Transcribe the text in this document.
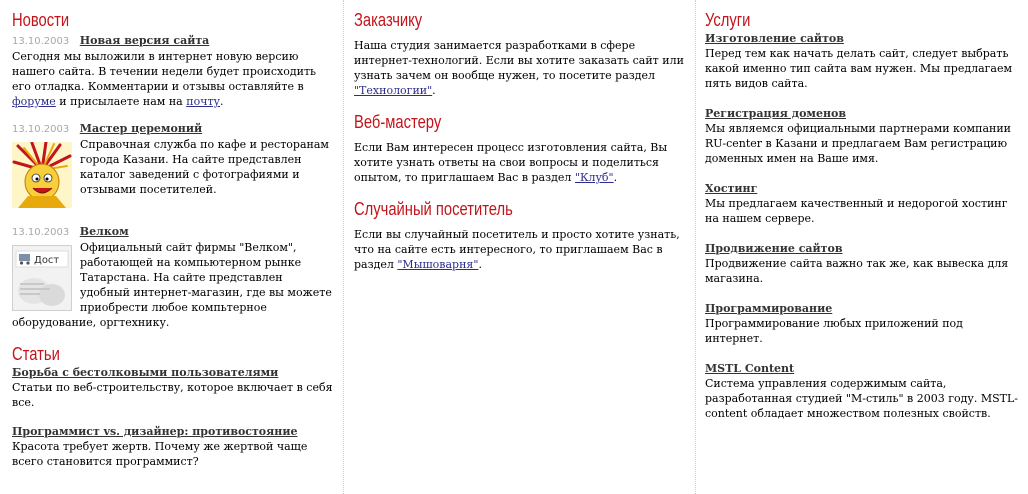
Новости
13.10.2003 Новая версия сайта

Сегодня мы выложили в интернет новую версию нашего сайта. В течении недели будет происходить его отладка. Комментарии и отзывы оставляйте в форуме и присылаете нам на почту.

13.10.2003 Мастер церемоний

Справочная служба по кафе и ресторанам города Казани. На сайте представлен каталог заведений с фотографиями и отзывами посетителей.

13.10.2003 Велком
Дост

Официальный сайт фирмы "Велком", работающей на компьютерном рынке Татарстана. На сайте представлен удобный интернет-магазин, где вы можете приобрести любое компьтерное оборудование, оргтехнику.

Статьи
Борьба с бестолковыми пользователями

Статьи по веб-строительству, которое включает в себя все.

Программист vs. дизайнер: противостояние

Красота требует жертв. Почему же жертвой чаще всего становится программист?

Заказчику

Наша студия занимается разработками в сфере интернет-технологий. Если вы хотите заказать сайт или узнать зачем он вообще нужен, то посетите раздел "Технологии".

Веб-мастеру

Если Вам интересен процесс изготовления сайта, Вы хотите узнать ответы на свои вопросы и поделиться опытом, то приглашаем Вас в раздел "Клуб".

Случайный посетитель

Если вы случайный посетитель и просто хотите узнать, что на сайте есть интересного, то приглашаем Вас в раздел "Мышоварня".

Услуги
Изготовление сайтов

Перед тем как начать делать сайт, следует выбрать какой именно тип сайта вам нужен. Мы предлагаем пять видов сайта.

Регистрация доменов

Мы являемся официальными партнерами компании RU-center в Казани и предлагаем Вам регистрацию доменных имен на Ваше имя.

Хостинг

Мы предлагаем качественный и недорогой хостинг на нашем сервере.

Продвижение сайтов

Продвижение сайта важно так же, как вывеска для магазина.

Программирование

Программирование любых приложений под интернет.

MSTL Content

Система управления содержимым сайта, разработанная студией "М-стиль" в 2003 году. MSTL-content обладает множеством полезных свойств.
